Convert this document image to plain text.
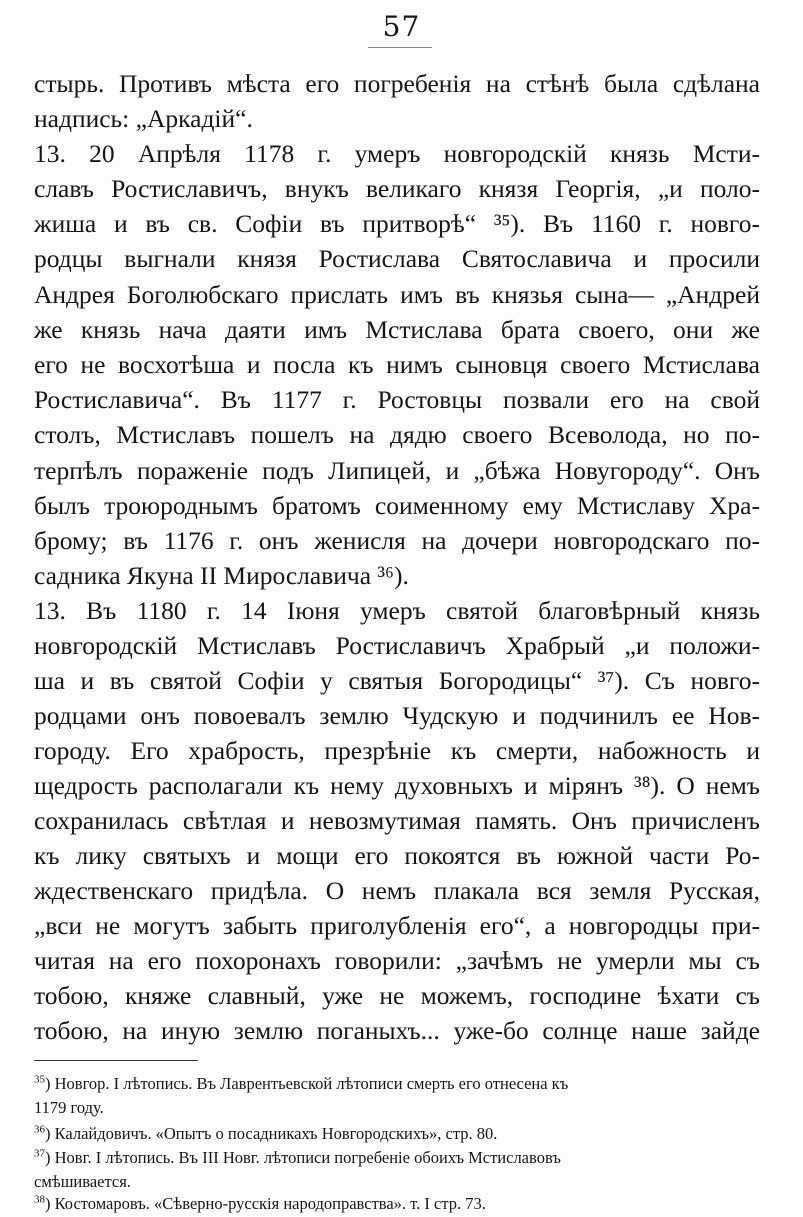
57
стырь. Противъ мѣста его погребенія на стѣнѣ была сдѣлана
надпись: „Аркадій“.
13. 20 Апрѣля 1178 г. умеръ новгородскій князь Мсти-
славъ Ростиславичъ, внукъ великаго князя Георгія, „и поло-
жиша и въ св. Софіи въ притворѣ“ ³⁵). Въ 1160 г. новго-
родцы выгнали князя Ростислава Святославича и просили
Андрея Боголюбскаго прислать имъ въ князья сына— „Андрей
же князь нача даяти имъ Мстислава брата своего, они же
его не восхотѣша и посла къ нимъ сыновця своего Мстислава
Ростиславича“. Въ 1177 г. Ростовцы позвали его на свой
столъ, Мстиславъ пошелъ на дядю своего Всеволода, но по-
терпѣлъ пораженіе подъ Липицей, и „бѣжа Новугороду“. Онъ
былъ троюроднымъ братомъ соименному ему Мстиславу Хра-
брому; въ 1176 г. онъ женисля на дочери новгородскаго по-
садника Якуна II Мирославича ³⁶).
13. Въ 1180 г. 14 Іюня умеръ святой благовѣрный князь
новгородскій Мстиславъ Ростиславичъ Храбрый „и положи-
ша и въ святой Софіи у святыя Богородицы“ ³⁷). Съ новго-
родцами онъ повоевалъ землю Чудскую и подчинилъ ее Нов-
городу. Его храбрость, презрѣніе къ смерти, набожность и
щедрость располагали къ нему духовныхъ и мірянъ ³⁸). О немъ
сохранилась свѣтлая и невозмутимая память. Онъ причисленъ
къ лику святыхъ и мощи его покоятся въ южной части Ро-
ждественскаго придѣла. О немъ плакала вся земля Русская,
„вси не могутъ забыть приголубленія его“, а новгородцы при-
читая на его похоронахъ говорили: „зачѣмъ не умерли мы съ
тобою, княже славный, уже не можемъ, господине ѣхати съ
тобою, на иную землю поганыхъ... уже-бо солнце наше зайде
$^{35}$) Новгор. I лѣтопись. Въ Лаврентьевской лѣтописи смерть его отнесена къ
1179 году.
$^{36}$) Калайдовичъ. «Опытъ о посадникахъ Новгородскихъ», стр. 80.
$^{37}$) Новг. I лѣтопись. Въ III Новг. лѣтописи погребеніе обоихъ Мстиславовъ
смѣшивается.
$^{38}$) Костомаровъ. «Сѣверно-русскія народоправства». т. I стр. 73.
